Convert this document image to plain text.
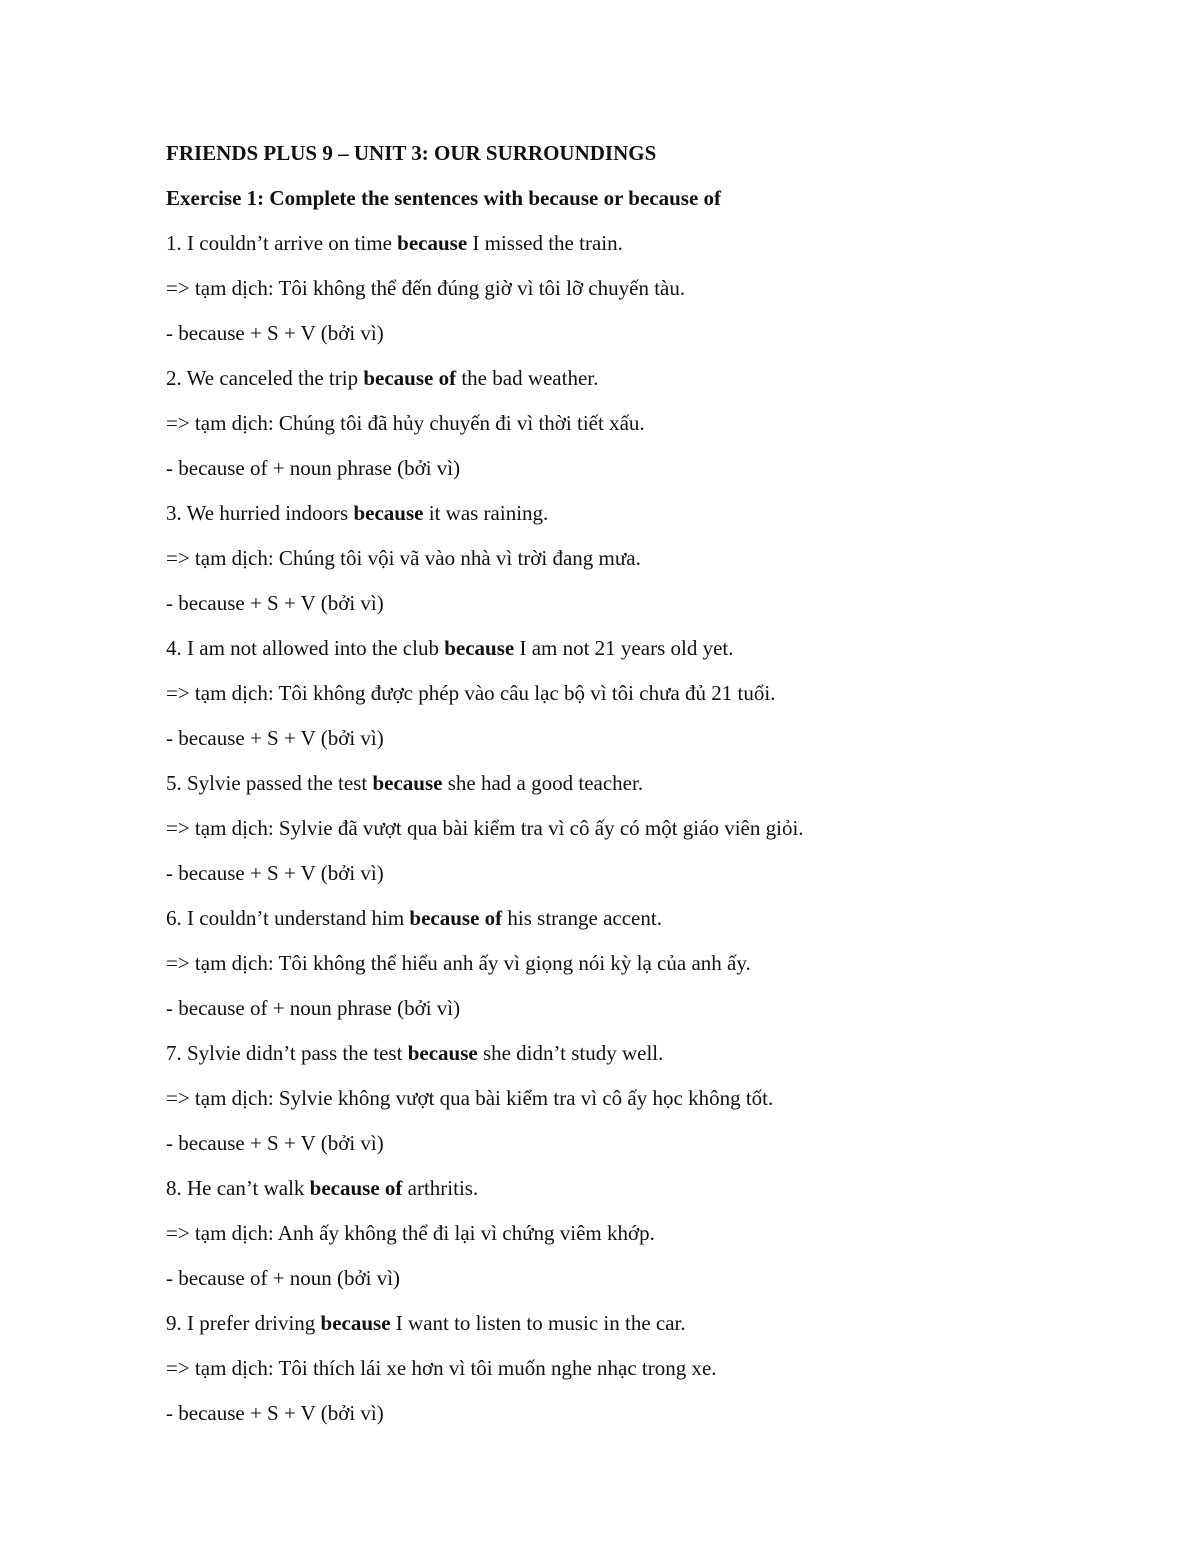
FRIENDS PLUS 9 – UNIT 3: OUR SURROUNDINGS
Exercise 1: Complete the sentences with because or because of
1. I couldn’t arrive on time because I missed the train.
=> tạm dịch: Tôi không thể đến đúng giờ vì tôi lỡ chuyến tàu.
- because + S + V (bởi vì)
2. We canceled the trip because of the bad weather.
=> tạm dịch: Chúng tôi đã hủy chuyến đi vì thời tiết xấu.
- because of + noun phrase (bởi vì)
3. We hurried indoors because it was raining.
=> tạm dịch: Chúng tôi vội vã vào nhà vì trời đang mưa.
- because + S + V (bởi vì)
4. I am not allowed into the club because I am not 21 years old yet.
=> tạm dịch: Tôi không được phép vào câu lạc bộ vì tôi chưa đủ 21 tuổi.
- because + S + V (bởi vì)
5. Sylvie passed the test because she had a good teacher.
=> tạm dịch: Sylvie đã vượt qua bài kiểm tra vì cô ấy có một giáo viên giỏi.
- because + S + V (bởi vì)
6. I couldn’t understand him because of his strange accent.
=> tạm dịch: Tôi không thể hiểu anh ấy vì giọng nói kỳ lạ của anh ấy.
- because of + noun phrase (bởi vì)
7. Sylvie didn’t pass the test because she didn’t study well.
=> tạm dịch: Sylvie không vượt qua bài kiểm tra vì cô ấy học không tốt.
- because + S + V (bởi vì)
8. He can’t walk because of arthritis.
=> tạm dịch: Anh ấy không thể đi lại vì chứng viêm khớp.
- because of + noun (bởi vì)
9. I prefer driving because I want to listen to music in the car.
=> tạm dịch: Tôi thích lái xe hơn vì tôi muốn nghe nhạc trong xe.
- because + S + V (bởi vì)
